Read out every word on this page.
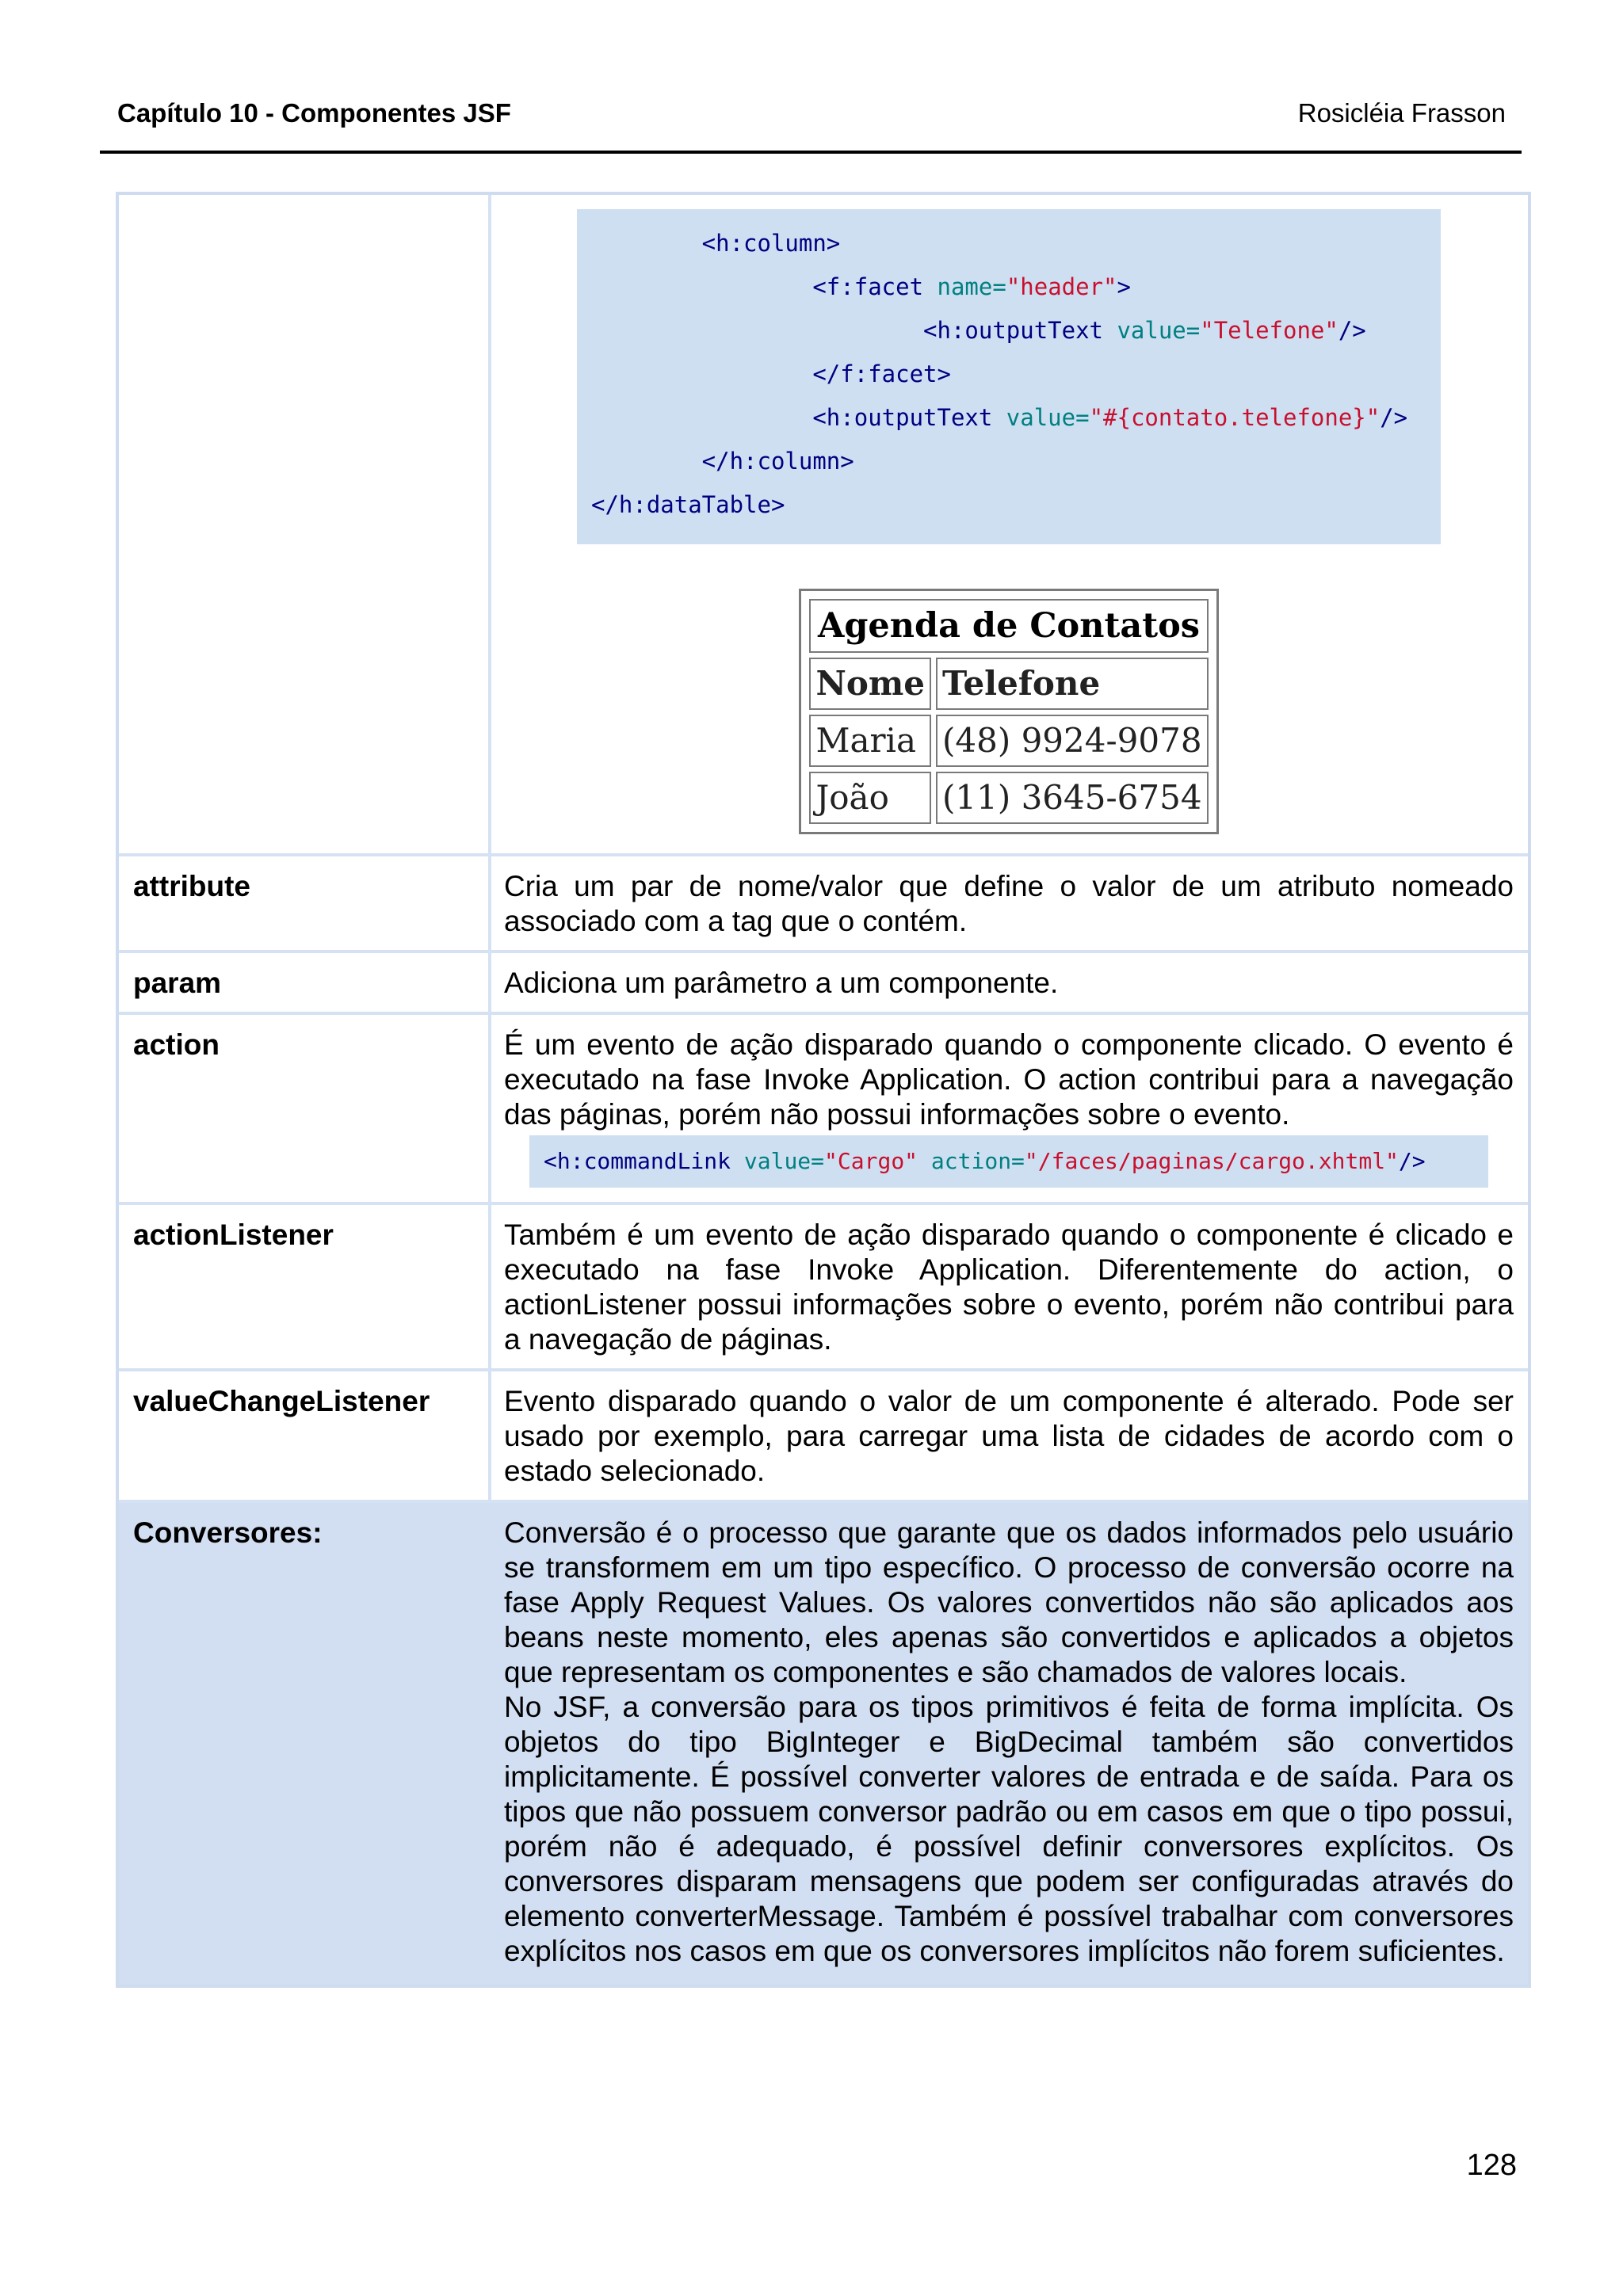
Capítulo 10 - Componentes JSF	Rosicléia Frasson
<h:column>
<f:facet name="header">
<h:outputText value="Telefone"/>
</f:facet>
<h:outputText value="#{contato.telefone}"/>
</h:column>
</h:dataTable>
Agenda de Contatos
Nome	Telefone
Maria	(48) 9924-9078
João	(11) 3645-6754
attribute	Cria um par de nome/valor que define o valor de um atributo nomeado associado com a tag que o contém.

param	Adiciona um parâmetro a um componente.

action	É um evento de ação disparado quando o componente clicado. O evento é executado na fase Invoke Application. O action contribui para a navegação das páginas, porém não possui informações sobre o evento.

<h:commandLink value="Cargo" action="/faces/paginas/cargo.xhtml"/>
actionListener	Também é um evento de ação disparado quando o componente é clicado e executado na fase Invoke Application. Diferentemente do action, o actionListener possui informações sobre o evento, porém não contribui para a navegação de páginas.

valueChangeListener	Evento disparado quando o valor de um componente é alterado. Pode ser usado por exemplo, para carregar uma lista de cidades de acordo com o estado selecionado.

Conversores:	Conversão é o processo que garante que os dados informados pelo usuário se transformem em um tipo específico. O processo de conversão ocorre na fase Apply Request Values. Os valores convertidos não são aplicados aos beans neste momento, eles apenas são convertidos e aplicados a objetos que representam os componentes e são chamados de valores locais.

No JSF, a conversão para os tipos primitivos é feita de forma implícita. Os objetos do tipo BigInteger e BigDecimal também são convertidos implicitamente. É possível converter valores de entrada e de saída. Para os tipos que não possuem conversor padrão ou em casos em que o tipo possui, porém não é adequado, é possível definir conversores explícitos. Os conversores disparam mensagens que podem ser configuradas através do elemento converterMessage. Também é possível trabalhar com conversores explícitos nos casos em que os conversores implícitos não forem suficientes.

128
